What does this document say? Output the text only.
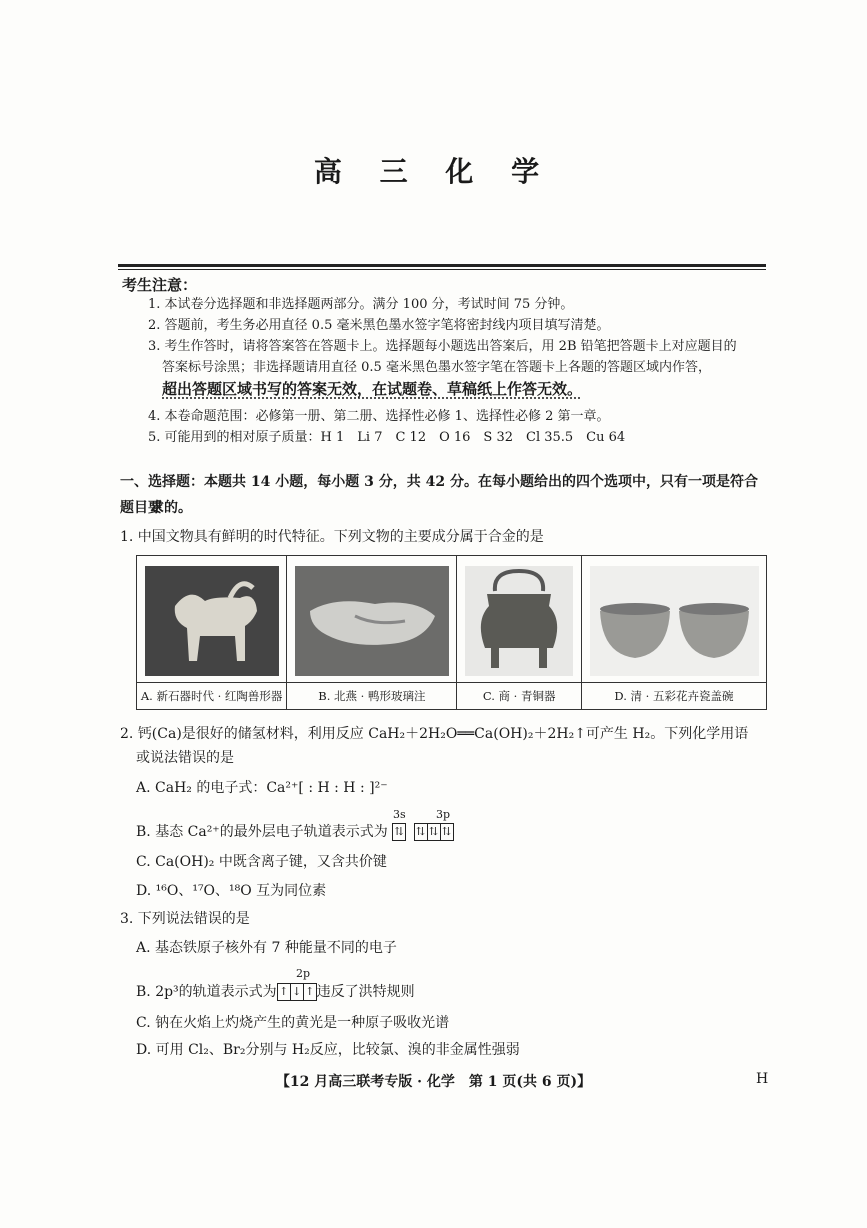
高 三 化 学
考生注意：
1. 本试卷分选择题和非选择题两部分。满分 100 分，考试时间 75 分钟。
2. 答题前，考生务必用直径 0.5 毫米黑色墨水签字笔将密封线内项目填写清楚。
3. 考生作答时，请将答案答在答题卡上。选择题每小题选出答案后，用 2B 铅笔把答题卡上对应题目的
答案标号涂黑；非选择题请用直径 0.5 毫米黑色墨水签字笔在答题卡上各题的答题区域内作答，
超出答题区域书写的答案无效，在试题卷、草稿纸上作答无效。
4. 本卷命题范围：必修第一册、第二册、选择性必修 1、选择性必修 2 第一章。
5. 可能用到的相对原子质量：H 1　Li 7　C 12　O 16　S 32　Cl 35.5　Cu 64
一、选择题：本题共 14 小题，每小题 3 分，共 42 分。在每小题给出的四个选项中，只有一项是符合题目要
求的。
1. 中国文物具有鲜明的时代特征。下列文物的主要成分属于合金的是
A. 新石器时代 · 红陶兽形器	B. 北燕 · 鸭形玻璃注	C. 商 · 青铜器	D. 清 · 五彩花卉瓷盖碗
2. 钙(Ca)是很好的储氢材料，利用反应 CaH₂＋2H₂O══Ca(OH)₂＋2H₂↑可产生 H₂。下列化学用语
或说法错误的是
A. CaH₂ 的电子式：Ca²⁺[ : H : H : ]²⁻
3s	3p
B. 基态 Ca²⁺的最外层电子轨道表示式为 ⇅ ⇅ ⇅ ⇅
C. Ca(OH)₂ 中既含离子键，又含共价键
D. ¹⁶O、¹⁷O、¹⁸O 互为同位素
3. 下列说法错误的是
A. 基态铁原子核外有 7 种能量不同的电子
2p
B. 2p³的轨道表示式为 ↑ ↓ ↑ 违反了洪特规则
C. 钠在火焰上灼烧产生的黄光是一种原子吸收光谱
D. 可用 Cl₂、Br₂分别与 H₂反应，比较氯、溴的非金属性强弱
【12 月高三联考专版 · 化学　第 1 页(共 6 页)】	H
